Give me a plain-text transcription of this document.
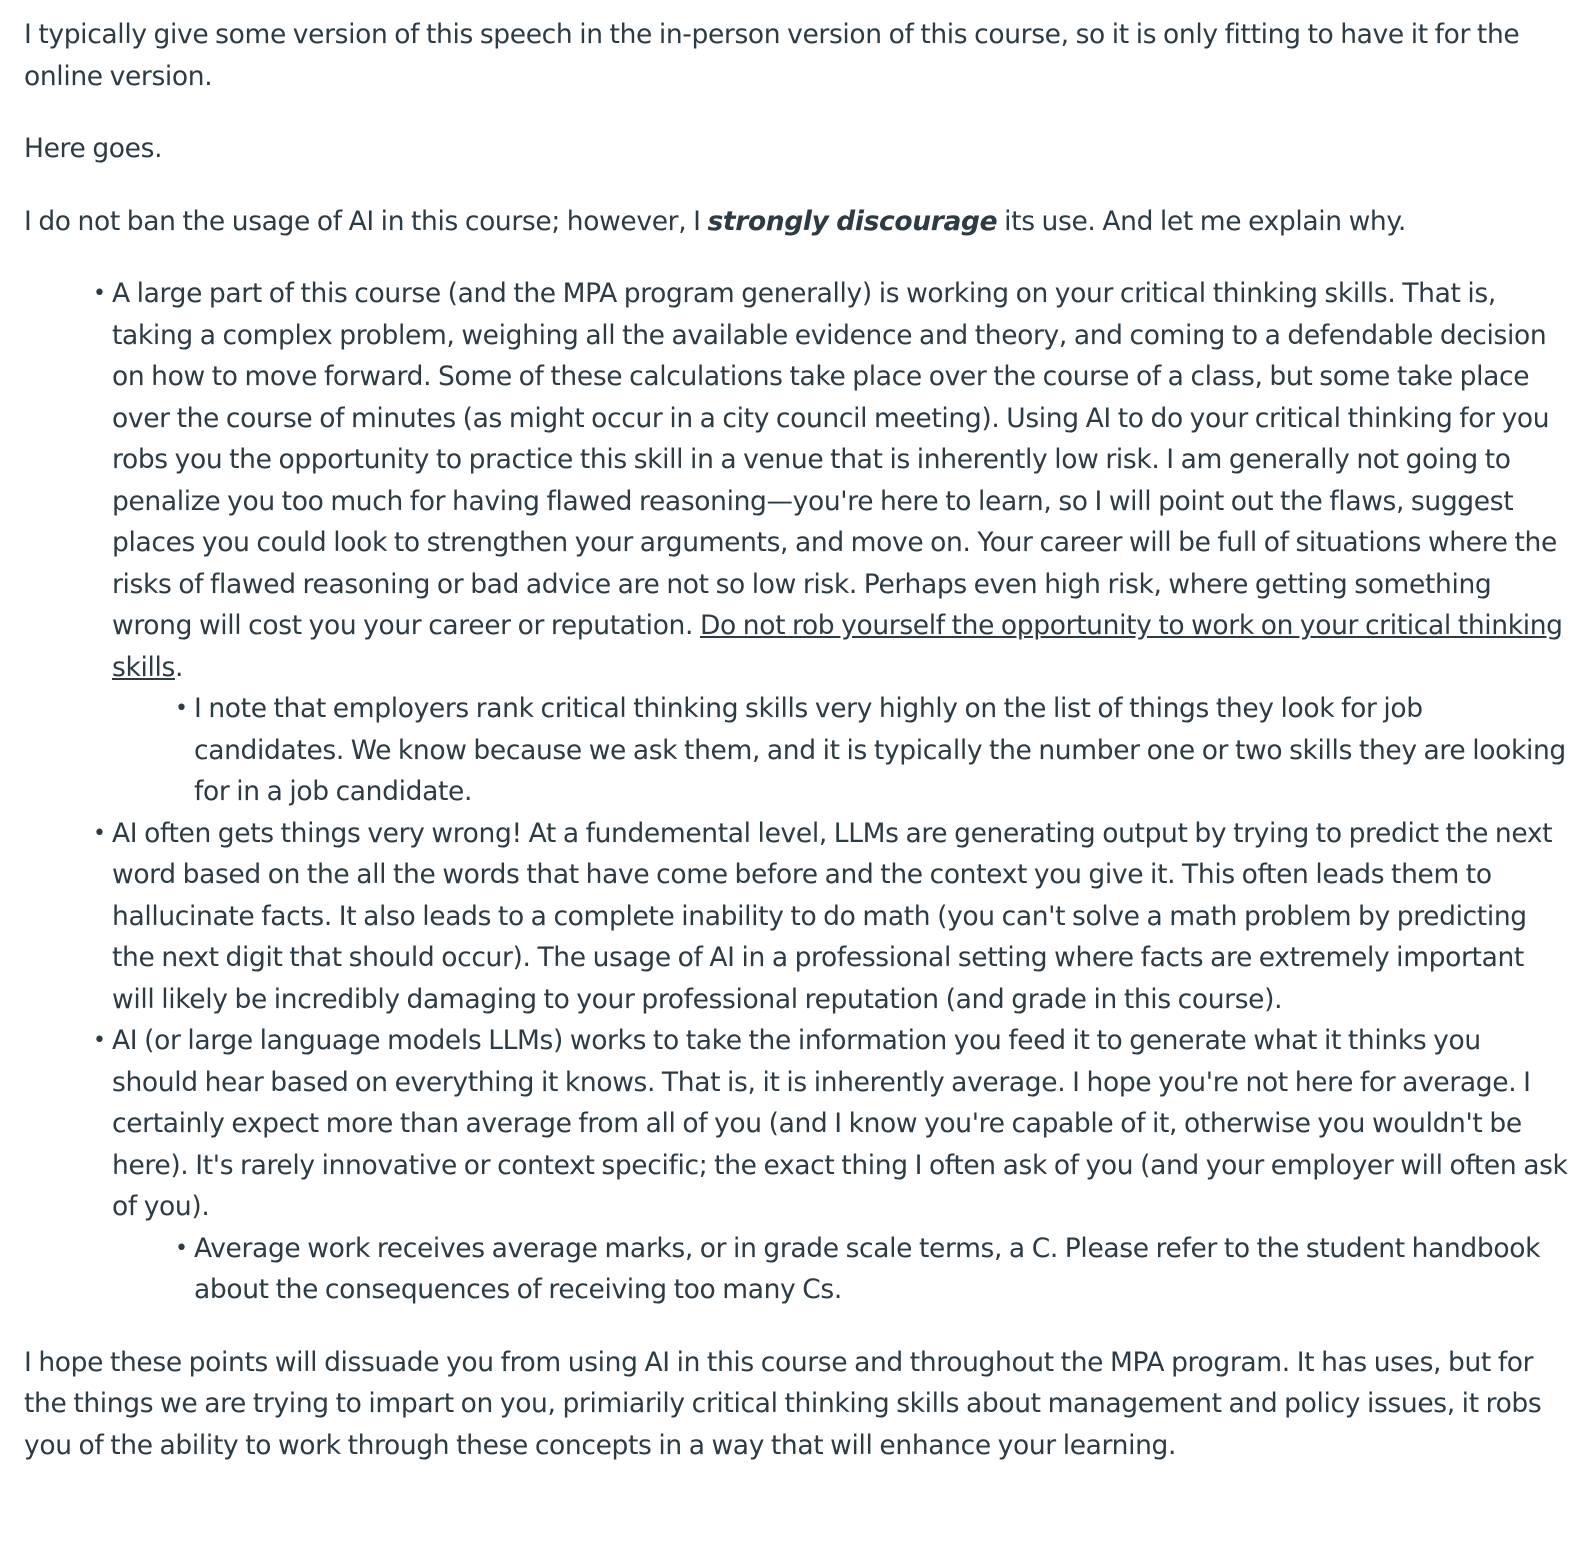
I typically give some version of this speech in the in-person version of this course, so it is only fitting to have it for the online version.

Here goes.

I do not ban the usage of AI in this course; however, I strongly discourage its use. And let me explain why.

• A large part of this course (and the MPA program generally) is working on your critical thinking skills. That is, taking a complex problem, weighing all the available evidence and theory, and coming to a defendable decision on how to move forward. Some of these calculations take place over the course of a class, but some take place over the course of minutes (as might occur in a city council meeting). Using AI to do your critical thinking for you robs you the opportunity to practice this skill in a venue that is inherently low risk. I am generally not going to penalize you too much for having flawed reasoning—you're here to learn, so I will point out the flaws, suggest places you could look to strengthen your arguments, and move on. Your career will be full of situations where the risks of flawed reasoning or bad advice are not so low risk. Perhaps even high risk, where getting something wrong will cost you your career or reputation. Do not rob yourself the opportunity to work on your critical thinking skills.
• I note that employers rank critical thinking skills very highly on the list of things they look for job candidates. We know because we ask them, and it is typically the number one or two skills they are looking for in a job candidate.
• AI often gets things very wrong! At a fundemental level, LLMs are generating output by trying to predict the next word based on the all the words that have come before and the context you give it. This often leads them to hallucinate facts. It also leads to a complete inability to do math (you can't solve a math problem by predicting the next digit that should occur). The usage of AI in a professional setting where facts are extremely important will likely be incredibly damaging to your professional reputation (and grade in this course).
• AI (or large language models LLMs) works to take the information you feed it to generate what it thinks you should hear based on everything it knows. That is, it is inherently average. I hope you're not here for average. I certainly expect more than average from all of you (and I know you're capable of it, otherwise you wouldn't be here). It's rarely innovative or context specific; the exact thing I often ask of you (and your employer will often ask of you).
• Average work receives average marks, or in grade scale terms, a C. Please refer to the student handbook about the consequences of receiving too many Cs.

I hope these points will dissuade you from using AI in this course and throughout the MPA program. It has uses, but for the things we are trying to impart on you, primiarily critical thinking skills about management and policy issues, it robs you of the ability to work through these concepts in a way that will enhance your learning.
